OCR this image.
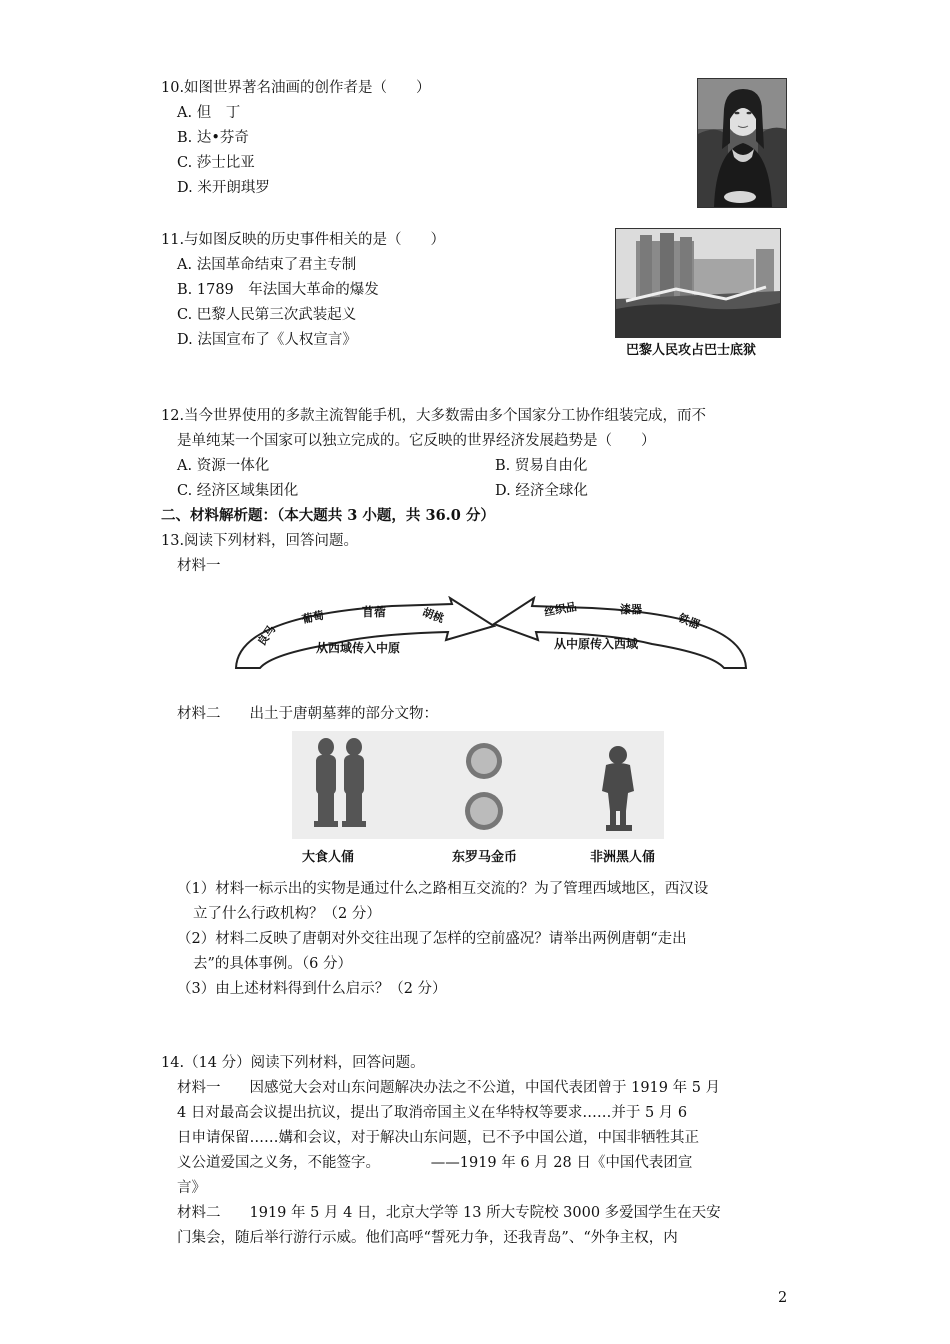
10.如图世界著名油画的创作者是（　　）
A. 但　丁
B. 达•芬奇
C. 莎士比亚
D. 米开朗琪罗
11.与如图反映的历史事件相关的是（　　）
A. 法国革命结束了君主专制
B. 1789　年法国大革命的爆发
C. 巴黎人民第三次武装起义
D. 法国宣布了《人权宣言》
巴黎人民攻占巴士底狱
12.当今世界使用的多款主流智能手机，大多数需由多个国家分工协作组装完成，而不
是单纯某一个国家可以独立完成的。它反映的世界经济发展趋势是（　　）
A. 资源一体化	B. 贸易自由化
C. 经济区域集团化	D. 经济全球化
二、材料解析题：（本大题共 3 小题，共 36.0 分）
13.阅读下列材料，回答问题。
材料一
良马
葡萄	苜蓿	胡桃
从西域传入中原
丝织品	漆器
铁器
从中原传入西域
材料二　　出土于唐朝墓葬的部分文物：
大食人俑	东罗马金币	非洲黑人俑
（1）材料一标示出的实物是通过什么之路相互交流的？为了管理西域地区，西汉设
立了什么行政机构？（2 分）
（2）材料二反映了唐朝对外交往出现了怎样的空前盛况？请举出两例唐朝“走出
去”的具体事例。（6 分）
（3）由上述材料得到什么启示？（2 分）
14.（14 分）阅读下列材料，回答问题。
材料一　　因感觉大会对山东问题解决办法之不公道，中国代表团曾于 1919 年 5 月
4 日对最高会议提出抗议，提出了取消帝国主义在华特权等要求……并于 5 月 6
日申请保留……媾和会议，对于解决山东问题，已不予中国公道，中国非牺牲其正
义公道爱国之义务，不能签字。　　　　——1919 年 6 月 28 日《中国代表团宣
言》
材料二　　1919 年 5 月 4 日，北京大学等 13 所大专院校 3000 多爱国学生在天安
门集会，随后举行游行示威。他们高呼“誓死力争，还我青岛”、“外争主权，内
2
